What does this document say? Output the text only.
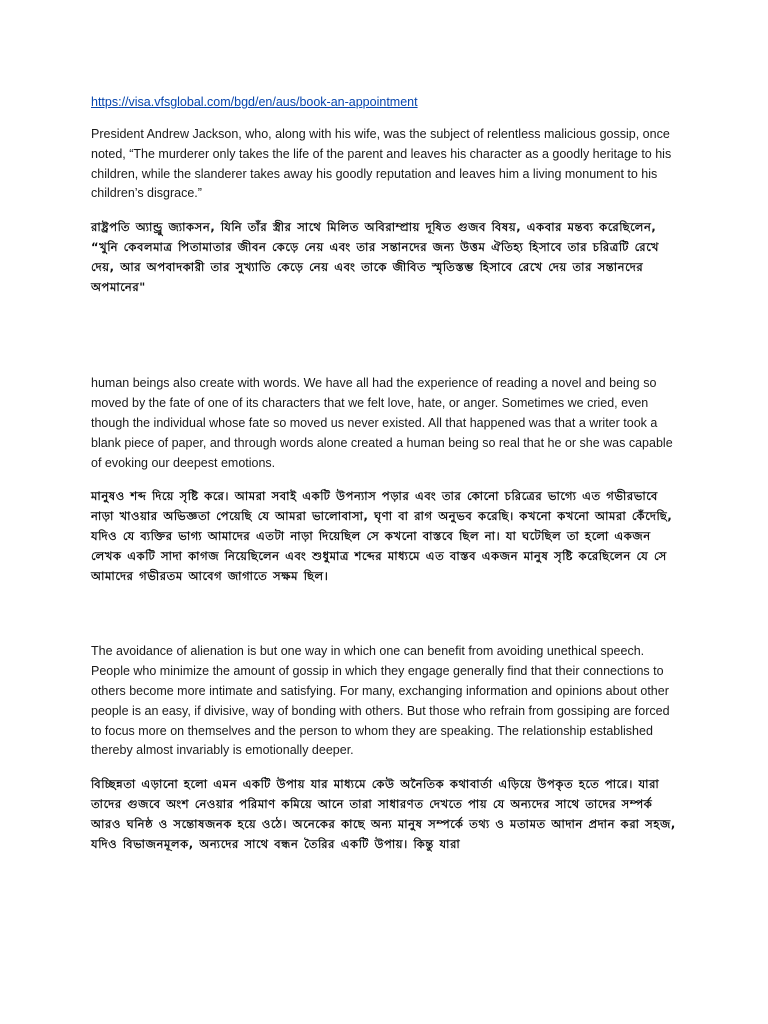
https://visa.vfsglobal.com/bgd/en/aus/book-an-appointment

President Andrew Jackson, who, along with his wife, was the subject of relentless malicious gossip, once noted, “The murderer only takes the life of the parent and leaves his character as a goodly heritage to his children, while the slanderer takes away his goodly reputation and leaves him a living monument to his children’s disgrace.”

রাষ্ট্রপতি অ্যান্ড্রু জ্যাকসন, যিনি তাঁর স্ত্রীর সাথে মিলিত অবিরাম্প্রায় দূষিত গুজব বিষয়, একবার মন্তব্য করেছিলেন, “খুনি কেবলমাত্র পিতামাতার জীবন কেড়ে নেয় এবং তার সন্তানদের জন্য উত্তম ঐতিহ্য হিসাবে তার চরিত্রটি রেখে দেয়, আর অপবাদকারী তার সুখ্যাতি কেড়ে নেয় এবং তাকে জীবিত স্মৃতিস্তম্ভ হিসাবে রেখে দেয় তার সন্তানদের অপমানের"

human beings also create with words. We have all had the experience of reading a novel and being so moved by the fate of one of its characters that we felt love, hate, or anger. Sometimes we cried, even though the individual whose fate so moved us never existed. All that happened was that a writer took a blank piece of paper, and through words alone created a human being so real that he or she was capable of evoking our deepest emotions.

মানুষও শব্দ দিয়ে সৃষ্টি করে। আমরা সবাই একটি উপন্যাস পড়ার এবং তার কোনো চরিত্রের ভাগ্যে এত গভীরভাবে নাড়া খাওয়ার অভিজ্ঞতা পেয়েছি যে আমরা ভালোবাসা, ঘৃণা বা রাগ অনুভব করেছি। কখনো কখনো আমরা কেঁদেছি, যদিও যে ব্যক্তির ভাগ্য আমাদের এতটা নাড়া দিয়েছিল সে কখনো বাস্তবে ছিল না। যা ঘটেছিল তা হলো একজন লেখক একটি সাদা কাগজ নিয়েছিলেন এবং শুধুমাত্র শব্দের মাধ্যমে এত বাস্তব একজন মানুষ সৃষ্টি করেছিলেন যে সে আমাদের গভীরতম আবেগ জাগাতে সক্ষম ছিল।

The avoidance of alienation is but one way in which one can benefit from avoiding unethical speech. People who minimize the amount of gossip in which they engage generally find that their connections to others become more intimate and satisfying. For many, exchanging information and opinions about other people is an easy, if divisive, way of bonding with others. But those who refrain from gossiping are forced to focus more on themselves and the person to whom they are speaking. The relationship established thereby almost invariably is emotionally deeper.

বিচ্ছিন্নতা এড়ানো হলো এমন একটি উপায় যার মাধ্যমে কেউ অনৈতিক কথাবার্তা এড়িয়ে উপকৃত হতে পারে। যারা তাদের গুজবে অংশ নেওয়ার পরিমাণ কমিয়ে আনে তারা সাধারণত দেখতে পায় যে অন্যদের সাথে তাদের সম্পর্ক আরও ঘনিষ্ঠ ও সন্তোষজনক হয়ে ওঠে। অনেকের কাছে অন্য মানুষ সম্পর্কে তথ্য ও মতামত আদান প্রদান করা সহজ, যদিও বিভাজনমূলক, অন্যদের সাথে বন্ধন তৈরির একটি উপায়। কিন্তু যারা
